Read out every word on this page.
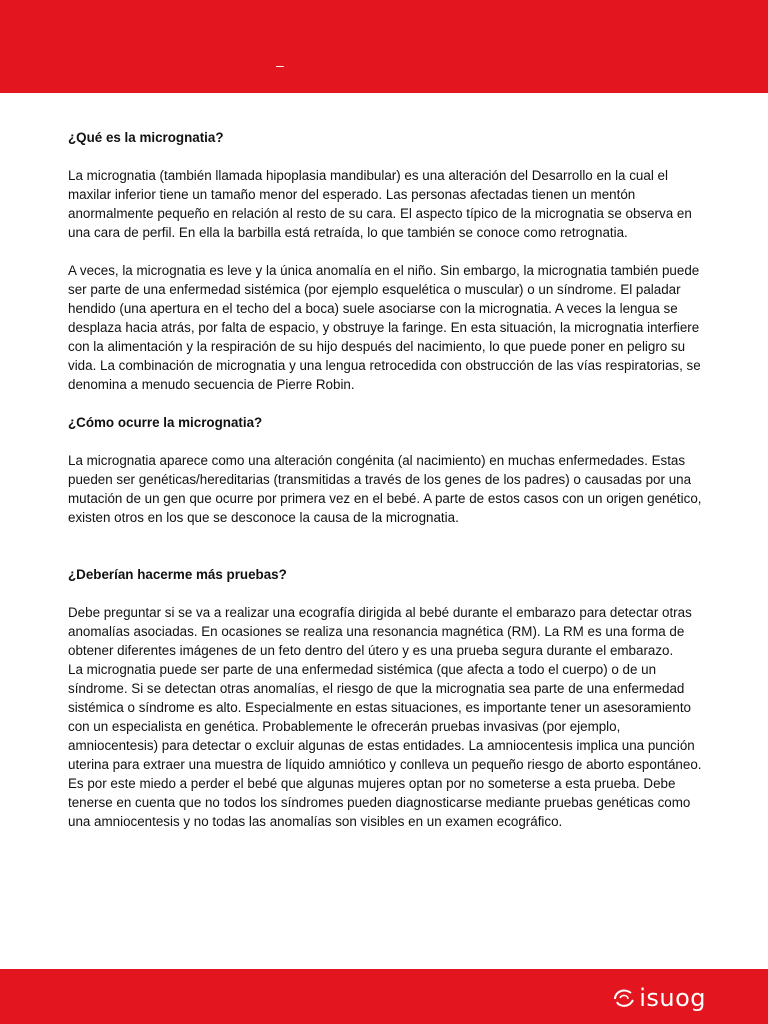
–
¿Qué es la micrognatia?

La micrognatia (también llamada hipoplasia mandibular) es una alteración del Desarrollo en la cual el maxilar inferior tiene un tamaño menor del esperado. Las personas afectadas tienen un mentón anormalmente pequeño en relación al resto de su cara. El aspecto típico de la micrognatia se observa en una cara de perfil. En ella la barbilla está retraída, lo que también se conoce como retrognatia.

A veces, la micrognatia es leve y la única anomalía en el niño. Sin embargo, la micrognatia también puede ser parte de una enfermedad sistémica (por ejemplo esquelética o muscular) o un síndrome. El paladar hendido (una apertura en el techo del a boca) suele asociarse con la micrognatia. A veces la lengua se desplaza hacia atrás, por falta de espacio, y obstruye la faringe. En esta situación, la micrognatia interfiere con la alimentación y la respiración de su hijo después del nacimiento, lo que puede poner en peligro su vida. La combinación de micrognatia y una lengua retrocedida con obstrucción de las vías respiratorias, se denomina a menudo secuencia de Pierre Robin.

¿Cómo ocurre la micrognatia?

La micrognatia aparece como una alteración congénita (al nacimiento) en muchas enfermedades. Estas pueden ser genéticas/hereditarias (transmitidas a través de los genes de los padres) o causadas por una mutación de un gen que ocurre por primera vez en el bebé. A parte de estos casos con un origen genético, existen otros en los que se desconoce la causa de la micrognatia.

¿Deberían hacerme más pruebas?

Debe preguntar si se va a realizar una ecografía dirigida al bebé durante el embarazo para detectar otras anomalías asociadas. En ocasiones se realiza una resonancia magnética (RM). La RM es una forma de obtener diferentes imágenes de un feto dentro del útero y es una prueba segura durante el embarazo.

La micrognatia puede ser parte de una enfermedad sistémica (que afecta a todo el cuerpo) o de un síndrome. Si se detectan otras anomalías, el riesgo de que la micrognatia sea parte de una enfermedad sistémica o síndrome es alto. Especialmente en estas situaciones, es importante tener un asesoramiento con un especialista en genética. Probablemente le ofrecerán pruebas invasivas (por ejemplo, amniocentesis) para detectar o excluir algunas de estas entidades. La amniocentesis implica una punción uterina para extraer una muestra de líquido amniótico y conlleva un pequeño riesgo de aborto espontáneo. Es por este miedo a perder el bebé que algunas mujeres optan por no someterse a esta prueba. Debe tenerse en cuenta que no todos los síndromes pueden diagnosticarse mediante pruebas genéticas como una amniocentesis y no todas las anomalías son visibles en un examen ecográfico.

isuog
